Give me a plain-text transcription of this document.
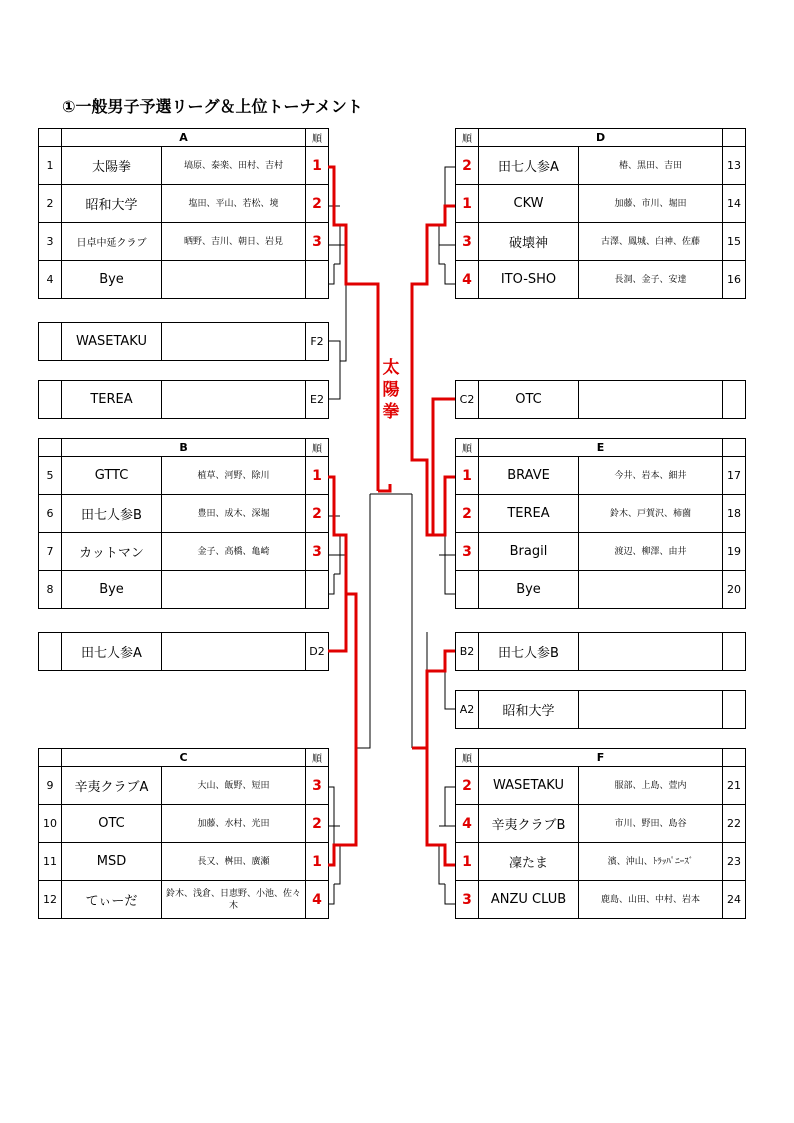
①一般男子予選リーグ＆上位トーナメント
	A		順
1	太陽拳	塙原、泰楽、田村、吉村	1
2	昭和大学	塩田、平山、若松、境	2
3	日卓中延クラブ	晒野、吉川、朝日、岩見	3
4	Bye		
	WASETAKU		F2
	TEREA		E2
	B		順
5	GTTC	植草、河野、除川	1
6	田七人参B	豊田、成木、深堀	2
7	カットマン	金子、高橋、亀崎	3
8	Bye		
	田七人参A		D2
	C		順
9	辛夷クラブA	大山、飯野、短田	3
10	OTC	加藤、水村、光田	2
11	MSD	長又、桝田、廣瀬	1
12	てぃーだ	鈴木、浅倉、日恵野、小池、佐々木	4
順	D		
2	田七人参A	椿、黒田、吉田	13
1	CKW	加藤、市川、堀田	14
3	破壊神	古澤、鳳城、白神、佐藤	15
4	ITO-SHO	長洞、金子、安達	16
C2	OTC		
順	E		
1	BRAVE	今井、岩本、細井	17
2	TEREA	鈴木、戸賀沢、柿薗	18
3	Bragil	渡辺、柳澤、由井	19
	Bye		20
B2	田七人参B		
A2	昭和大学		
順	F		
2	WASETAKU	服部、上島、萱内	21
4	辛夷クラブB	市川、野田、島谷	22
1	凜たま	濱、沖山、ﾄﾗｯﾊﾟﾆｰｽﾞ	23
3	ANZU CLUB	鹿島、山田、中村、岩本	24
太
陽
拳
